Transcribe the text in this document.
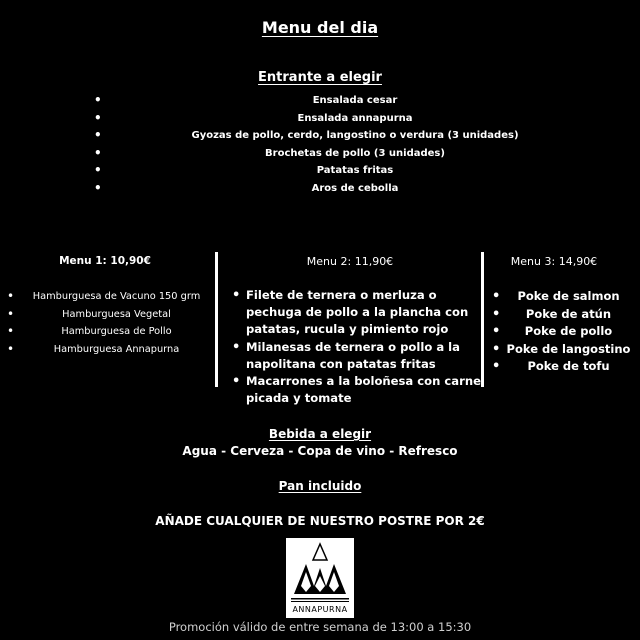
Menu del dia
Entrante a elegir
• Ensalada cesar
• Ensalada annapurna
• Gyozas de pollo, cerdo, langostino o verdura (3 unidades)
• Brochetas de pollo (3 unidades)
• Patatas fritas
• Aros de cebolla
Menu 1: 10,90€
• Hamburguesa de Vacuno 150 grm
• Hamburguesa Vegetal
• Hamburguesa de Pollo
• Hamburguesa Annapurna
Menu 2: 11,90€
• Filete de ternera o merluza o pechuga de pollo a la plancha con patatas, rucula y pimiento rojo
• Milanesas de ternera o pollo a la napolitana con patatas fritas
• Macarrones a la boloñesa con carne picada y tomate
Menu 3: 14,90€
• Poke de salmon
• Poke de atún
• Poke de pollo
• Poke de langostino
• Poke de tofu
Bebida a elegir
Agua - Cerveza - Copa de vino - Refresco
Pan incluido
AÑADE CUALQUIER DE NUESTRO POSTRE POR 2€
ANNAPURNA
Promoción válido de entre semana de 13:00 a 15:30
